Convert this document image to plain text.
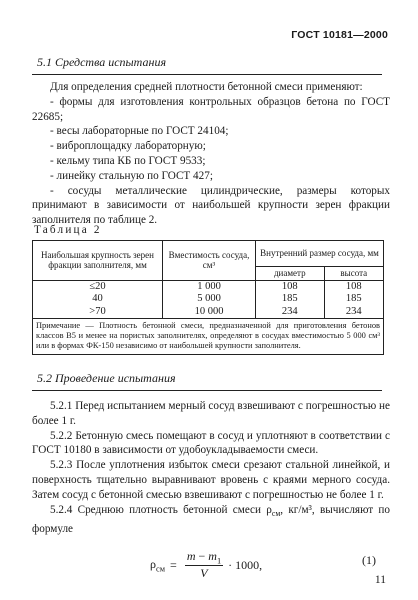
ГОСТ 10181—2000
5.1 Средства испытания

Для определения средней плотности бетонной смеси применяют:

- формы для изготовления контрольных образцов бетона по ГОСТ 22685;

- весы лабораторные по ГОСТ 24104;

- виброплощадку лабораторную;

- кельму типа КБ по ГОСТ 9533;

- линейку стальную по ГОСТ 427;

- сосуды металлические цилиндрические, размеры которых принимают в зависимости от наибольшей крупности зерен фракции заполнителя по таблице 2.

Таблица 2
Наибольшая крупность зерен фракции заполнителя, мм	Вместимость сосуда, см³	Внутренний размер сосуда, мм	
		диаметр	высота
≤20	1 000	108	108
40	5 000	185	185
>70	10 000	234	234
Примечание — Плотность бетонной смеси, предназначенной для приготовления бетонов классов В5 и менее на пористых заполнителях, определяют в сосудах вместимостью 5 000 см³ или в формах ФК-150 независимо от наибольшей крупности заполнителя.			
5.2 Проведение испытания

5.2.1 Перед испытанием мерный сосуд взвешивают с погрешностью не более 1 г.

5.2.2 Бетонную смесь помещают в сосуд и уплотняют в соответствии с ГОСТ 10180 в зависимости от удобоукладываемости смеси.

5.2.3 После уплотнения избыток смеси срезают стальной линейкой, и поверхность тщательно выравнивают вровень с краями мерного сосуда. Затем сосуд с бетонной смесью взвешивают с погрешностью не более 1 г.

5.2.4 Среднюю плотность бетонной смеси $\rho_{см}$, кг/м³, вычисляют по формуле

$\rho_{см} = \frac{m - m_1}{V} \cdot 1000$,	(1)
11
